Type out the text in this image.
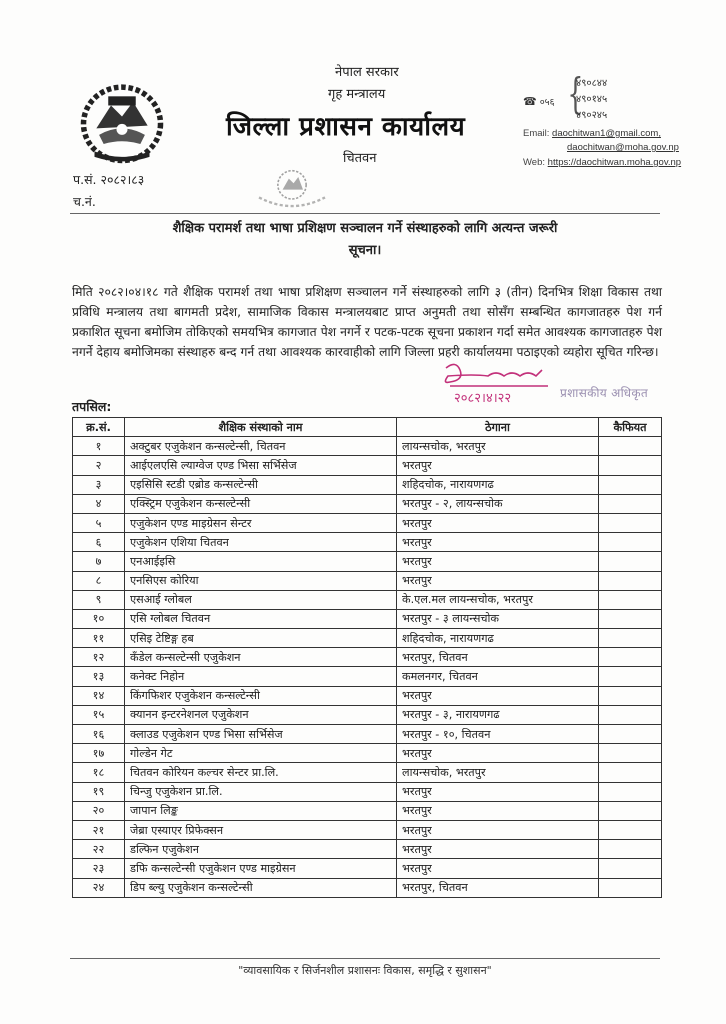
प.सं. २०८२।८३
च.नं.
नेपाल सरकार
गृह मन्त्रालय
जिल्ला प्रशासन कार्यालय
चितवन
☎ ०५६ {
४९०८४४
४९०१४५
४९०२४५
Email: daochitwan1@gmail.com,
daochitwan@moha.gov.np
Web: https://daochitwan.moha.gov.np
शैक्षिक परामर्श तथा भाषा प्रशिक्षण सञ्चालन गर्ने संस्थाहरुको लागि अत्यन्त जरूरी
सूचना।
मिति २०८२।०४।१८ गते शैक्षिक परामर्श तथा भाषा प्रशिक्षण सञ्चालन गर्ने संस्थाहरुको लागि ३ (तीन) दिनभित्र शिक्षा विकास तथा प्रविधि मन्त्रालय तथा बागमती प्रदेश, सामाजिक विकास मन्त्रालयबाट प्राप्त अनुमती तथा सोसँग सम्बन्धित कागजातहरु पेश गर्न प्रकाशित सूचना बमोजिम तोकिएको समयभित्र कागजात पेश नगर्ने र पटक-पटक सूचना प्रकाशन गर्दा समेत आवश्यक कागजातहरु पेश नगर्ने देहाय बमोजिमका संस्थाहरु बन्द गर्न तथा आवश्यक कारवाहीको लागि जिल्ला प्रहरी कार्यालयमा पठाइएको व्यहोरा सूचित गरिन्छ।
२०८२।४।२२	प्रशासकीय अधिकृत
तपसिल:
क्र.सं.	शैक्षिक संस्थाको नाम	ठेगाना	कैफियत
१	अक्टुबर एजुकेशन कन्सल्टेन्सी, चितवन	लायन्सचोक, भरतपुर	
२	आईएलएसि ल्याग्वेज एण्ड भिसा सर्भिसेज	भरतपुर	
३	एइसिसि स्टडी एब्रोड कन्सल्टेन्सी	शहिदचोक, नारायणगढ	
४	एक्स्ट्रिम एजुकेशन कन्सल्टेन्सी	भरतपुर - २, लायन्सचोक	
५	एजुकेशन एण्ड माइग्रेसन सेन्टर	भरतपुर	
६	एजुकेशन एशिया चितवन	भरतपुर	
७	एनआईइसि	भरतपुर	
८	एनसिएस कोरिया	भरतपुर	
९	एसआई ग्लोबल	के.एल.मल लायन्सचोक, भरतपुर	
१०	एसि ग्लोबल चितवन	भरतपुर - ३ लायन्सचोक	
११	एसिइ टेष्टिङ्ग हब	शहिदचोक, नारायणगढ	
१२	कँडेल कन्सल्टेन्सी एजुकेशन	भरतपुर, चितवन	
१३	कनेक्ट निहोन	कमलनगर, चितवन	
१४	किंगफिशर एजुकेशन कन्सल्टेन्सी	भरतपुर	
१५	क्यानन इन्टरनेशनल एजुकेशन	भरतपुर - ३, नारायणगढ	
१६	क्लाउड एजुकेशन एण्ड भिसा सर्भिसेज	भरतपुर - १०, चितवन	
१७	गोल्डेन गेट	भरतपुर	
१८	चितवन कोरियन कल्चर सेन्टर प्रा.लि.	लायन्सचोक, भरतपुर	
१९	चिन्जु एजुकेशन प्रा.लि.	भरतपुर	
२०	जापान लिङ्क	भरतपुर	
२१	जेब्रा एस्याएर प्रिफेक्सन	भरतपुर	
२२	डल्फिन एजुकेशन	भरतपुर	
२३	डफि कन्सल्टेन्सी एजुकेशन एण्ड माइग्रेसन	भरतपुर	
२४	डिप ब्ल्यु एजुकेशन कन्सल्टेन्सी	भरतपुर, चितवन	
"व्यावसायिक र सिर्जनशील प्रशासनः विकास, समृद्धि र सुशासन"
